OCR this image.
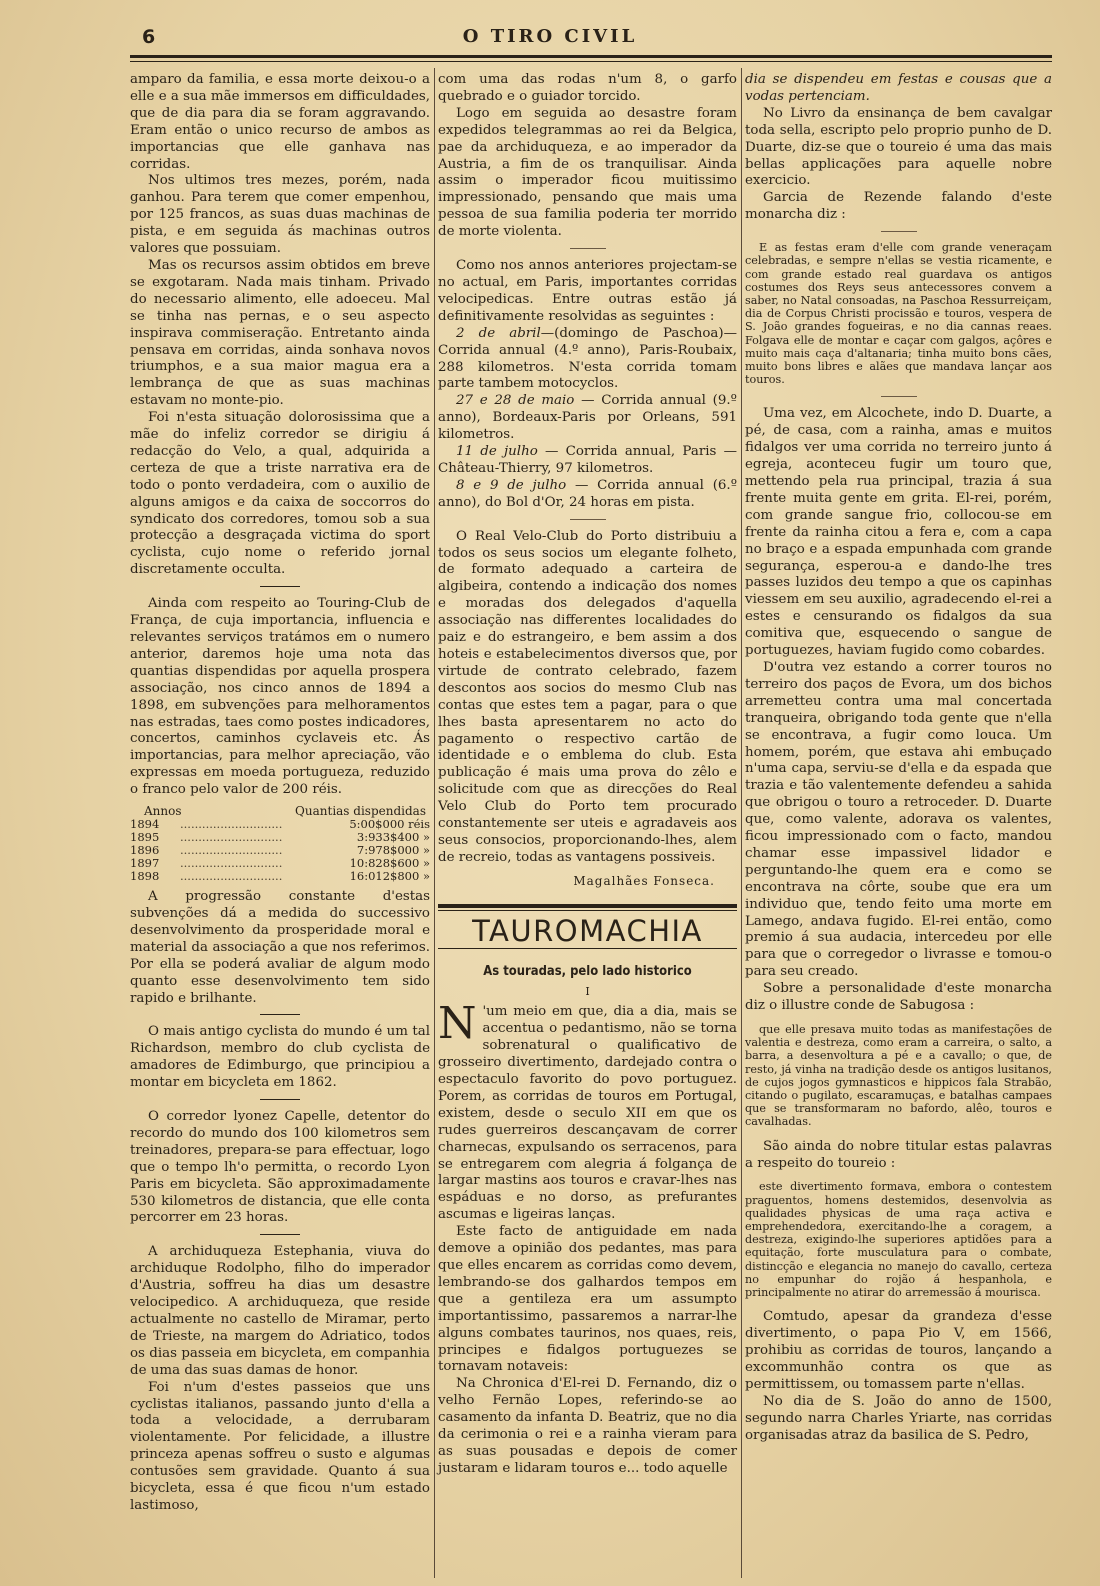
6	O TIRO CIVIL

amparo da familia, e essa morte deixou-o a elle e a sua mãe immersos em difficuldades, que de dia para dia se foram aggravando. Eram então o unico recurso de ambos as importancias que elle ganhava nas corridas.

Nos ultimos tres mezes, porém, nada ganhou. Para terem que comer empenhou, por 125 francos, as suas duas machinas de pista, e em seguida ás machinas outros valores que possuiam.

Mas os recursos assim obtidos em breve se exgotaram. Nada mais tinham. Privado do necessario alimento, elle adoeceu. Mal se tinha nas pernas, e o seu aspecto inspirava commiseração. Entretanto ainda pensava em corridas, ainda sonhava novos triumphos, e a sua maior magua era a lembrança de que as suas machinas estavam no monte-pio.

Foi n'esta situação dolorosissima que a mãe do infeliz corredor se dirigiu á redacção do Velo, a qual, adquirida a certeza de que a triste narrativa era de todo o ponto verdadeira, com o auxilio de alguns amigos e da caixa de soccorros do syndicato dos corredores, tomou sob a sua protecção a desgraçada victima do sport cyclista, cujo nome o referido jornal discretamente occulta.

Ainda com respeito ao Touring-Club de França, de cuja importancia, influencia e relevantes serviços tratámos em o numero anterior, daremos hoje uma nota das quantias dispendidas por aquella prospera associação, nos cinco annos de 1894 a 1898, em subvenções para melhoramentos nas estradas, taes como postes indicadores, concertos, caminhos cyclaveis etc. Ás importancias, para melhor apreciação, vão expressas em moeda portugueza, reduzido o franco pelo valor de 200 réis.

Annos	Quantias dispendidas
1894	............................	5:00$000 réis
1895	............................	3:933$400 »
1896	............................	7:978$000 »
1897	............................	10:828$600 »
1898	............................	16:012$800 »

A progressão constante d'estas subvenções dá a medida do successivo desenvolvimento da prosperidade moral e material da associação a que nos referimos. Por ella se poderá avaliar de algum modo quanto esse desenvolvimento tem sido rapido e brilhante.

O mais antigo cyclista do mundo é um tal Richardson, membro do club cyclista de amadores de Edimburgo, que principiou a montar em bicycleta em 1862.

O corredor lyonez Capelle, detentor do recordo do mundo dos 100 kilometros sem treinadores, prepara-se para effectuar, logo que o tempo lh'o permitta, o recordo Lyon Paris em bicycleta. São approximadamente 530 kilometros de distancia, que elle conta percorrer em 23 horas.

A archiduqueza Estephania, viuva do archiduque Rodolpho, filho do imperador d'Austria, soffreu ha dias um desastre velocipedico. A archiduqueza, que reside actualmente no castello de Miramar, perto de Trieste, na margem do Adriatico, todos os dias passeia em bicycleta, em companhia de uma das suas damas de honor.

Foi n'um d'estes passeios que uns cyclistas italianos, passando junto d'ella a toda a velocidade, a derrubaram violentamente. Por felicidade, a illustre princeza apenas soffreu o susto e algumas contusões sem gravidade. Quanto á sua bicycleta, essa é que ficou n'um estado lastimoso,

com uma das rodas n'um 8, o garfo quebrado e o guiador torcido.

Logo em seguida ao desastre foram expedidos telegrammas ao rei da Belgica, pae da archiduqueza, e ao imperador da Austria, a fim de os tranquilisar. Ainda assim o imperador ficou muitissimo impressionado, pensando que mais uma pessoa de sua familia poderia ter morrido de morte violenta.

Como nos annos anteriores projectam-se no actual, em Paris, importantes corridas velocipedicas. Entre outras estão já definitivamente resolvidas as seguintes :

2 de abril—(domingo de Paschoa)—Corrida annual (4.º anno), Paris-Roubaix, 288 kilometros. N'esta corrida tomam parte tambem motocyclos.

27 e 28 de maio — Corrida annual (9.º anno), Bordeaux-Paris por Orleans, 591 kilometros.

11 de julho — Corrida annual, Paris — Château-Thierry, 97 kilometros.

8 e 9 de julho — Corrida annual (6.º anno), do Bol d'Or, 24 horas em pista.

O Real Velo-Club do Porto distribuiu a todos os seus socios um elegante folheto, de formato adequado a carteira de algibeira, contendo a indicação dos nomes e moradas dos delegados d'aquella associação nas differentes localidades do paiz e do estrangeiro, e bem assim a dos hoteis e estabelecimentos diversos que, por virtude de contrato celebrado, fazem descontos aos socios do mesmo Club nas contas que estes tem a pagar, para o que lhes basta apresentarem no acto do pagamento o respectivo cartão de identidade e o emblema do club. Esta publicação é mais uma prova do zêlo e solicitude com que as direcções do Real Velo Club do Porto tem procurado constantemente ser uteis e agradaveis aos seus consocios, proporcionando-lhes, alem de recreio, todas as vantagens possiveis.

Magalhães Fonseca.
TAUROMACHIA
As touradas, pelo lado historico
I

N 'um meio em que, dia a dia, mais se accentua o pedantismo, não se torna sobrenatural o qualificativo de grosseiro divertimento, dardejado contra o espectaculo favorito do povo portuguez. Porem, as corridas de touros em Portugal, existem, desde o seculo XII em que os rudes guerreiros descançavam de correr charnecas, expulsando os serracenos, para se entregarem com alegria á folgança de largar mastins aos touros e cravar-lhes nas espáduas e no dorso, as prefurantes ascumas e ligeiras lanças.

Este facto de antiguidade em nada demove a opinião dos pedantes, mas para que elles encarem as corridas como devem, lembrando-se dos galhardos tempos em que a gentileza era um assumpto importantissimo, passaremos a narrar-lhe alguns combates taurinos, nos quaes, reis, principes e fidalgos portuguezes se tornavam notaveis:

Na Chronica d'El-rei D. Fernando, diz o velho Fernão Lopes, referindo-se ao casamento da infanta D. Beatriz, que no dia da cerimonia o rei e a rainha vieram para as suas pousadas e depois de comer justaram e lidaram touros e... todo aquelle

dia se dispendeu em festas e cousas que a vodas pertenciam.

No Livro da ensinança de bem cavalgar toda sella, escripto pelo proprio punho de D. Duarte, diz-se que o toureio é uma das mais bellas applicações para aquelle nobre exercicio.

Garcia de Rezende falando d'este monarcha diz :

E as festas eram d'elle com grande veneraçam celebradas, e sempre n'ellas se vestia ricamente, e com grande estado real guardava os antigos costumes dos Reys seus antecessores convem a saber, no Natal consoadas, na Paschoa Ressurreiçam, dia de Corpus Christi procissão e touros, vespera de S. João grandes fogueiras, e no dia cannas reaes. Folgava elle de montar e caçar com galgos, açôres e muito mais caça d'altanaria; tinha muito bons cães, muito bons libres e alães que mandava lançar aos touros.

Uma vez, em Alcochete, indo D. Duarte, a pé, de casa, com a rainha, amas e muitos fidalgos ver uma corrida no terreiro junto á egreja, aconteceu fugir um touro que, mettendo pela rua principal, trazia á sua frente muita gente em grita. El-rei, porém, com grande sangue frio, collocou-se em frente da rainha citou a fera e, com a capa no braço e a espada empunhada com grande segurança, esperou-a e dando-lhe tres passes luzidos deu tempo a que os capinhas viessem em seu auxilio, agradecendo el-rei a estes e censurando os fidalgos da sua comitiva que, esquecendo o sangue de portuguezes, haviam fugido como cobardes.

D'outra vez estando a correr touros no terreiro dos paços de Evora, um dos bichos arremetteu contra uma mal concertada tranqueira, obrigando toda gente que n'ella se encontrava, a fugir como louca. Um homem, porém, que estava ahi embuçado n'uma capa, serviu-se d'ella e da espada que trazia e tão valentemente defendeu a sahida que obrigou o touro a retroceder. D. Duarte que, como valente, adorava os valentes, ficou impressionado com o facto, mandou chamar esse impassivel lidador e perguntando-lhe quem era e como se encontrava na côrte, soube que era um individuo que, tendo feito uma morte em Lamego, andava fugido. El-rei então, como premio á sua audacia, intercedeu por elle para que o corregedor o livrasse e tomou-o para seu creado.

Sobre a personalidade d'este monarcha diz o illustre conde de Sabugosa :

que elle presava muito todas as manifestações de valentia e destreza, como eram a carreira, o salto, a barra, a desenvoltura a pé e a cavallo; o que, de resto, já vinha na tradição desde os antigos lusitanos, de cujos jogos gymnasticos e hippicos fala Strabão, citando o pugilato, escaramuças, e batalhas campaes que se transformaram no bafordo, alêo, touros e cavalhadas.

São ainda do nobre titular estas palavras a respeito do toureio :

este divertimento formava, embora o contestem praguentos, homens destemidos, desenvolvia as qualidades physicas de uma raça activa e emprehendedora, exercitando-lhe a coragem, a destreza, exigindo-lhe superiores aptidões para a equitação, forte musculatura para o combate, distincção e elegancia no manejo do cavallo, certeza no empunhar do rojão á hespanhola, e principalmente no atirar do arremessão á mourisca.

Comtudo, apesar da grandeza d'esse divertimento, o papa Pio V, em 1566, prohibiu as corridas de touros, lançando a excommunhão contra os que as permittissem, ou tomassem parte n'ellas.

No dia de S. João do anno de 1500, segundo narra Charles Yriarte, nas corridas organisadas atraz da basilica de S. Pedro,
